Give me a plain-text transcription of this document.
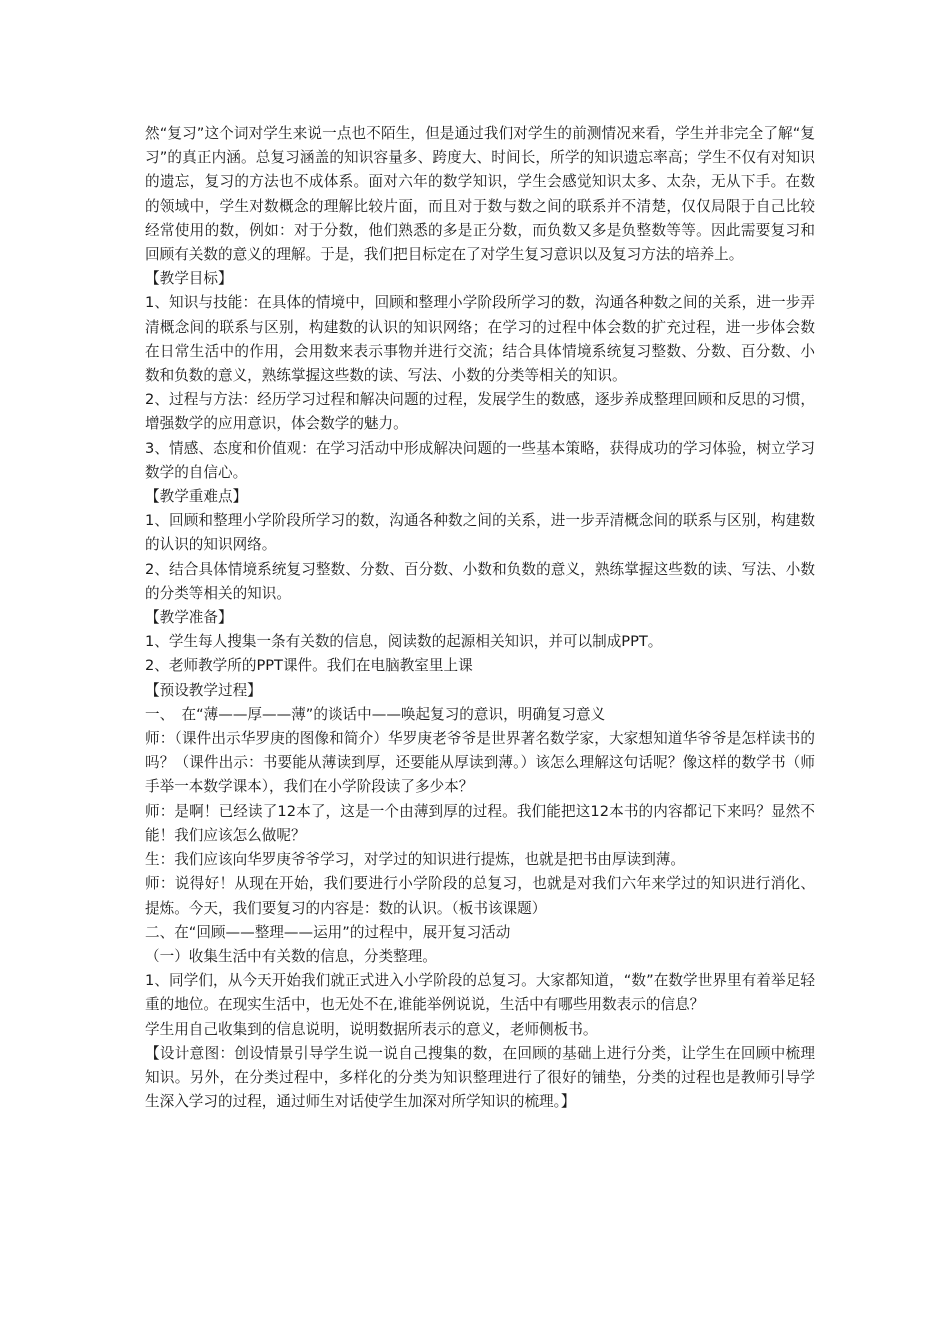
然“复习”这个词对学生来说一点也不陌生，但是通过我们对学生的前测情况来看，学生并非完全了解“复习”的真正内涵。总复习涵盖的知识容量多、跨度大、时间长，所学的知识遗忘率高；学生不仅有对知识的遗忘，复习的方法也不成体系。面对六年的数学知识，学生会感觉知识太多、太杂，无从下手。在数的领域中，学生对数概念的理解比较片面，而且对于数与数之间的联系并不清楚，仅仅局限于自己比较经常使用的数，例如：对于分数，他们熟悉的多是正分数，而负数又多是负整数等等。因此需要复习和回顾有关数的意义的理解。于是，我们把目标定在了对学生复习意识以及复习方法的培养上。

【教学目标】

1、知识与技能：在具体的情境中，回顾和整理小学阶段所学习的数，沟通各种数之间的关系，进一步弄清概念间的联系与区别，构建数的认识的知识网络；在学习的过程中体会数的扩充过程，进一步体会数在日常生活中的作用，会用数来表示事物并进行交流；结合具体情境系统复习整数、分数、百分数、小数和负数的意义，熟练掌握这些数的读、写法、小数的分类等相关的知识。

2、过程与方法：经历学习过程和解决问题的过程，发展学生的数感，逐步养成整理回顾和反思的习惯，增强数学的应用意识，体会数学的魅力。

3、情感、态度和价值观：在学习活动中形成解决问题的一些基本策略，获得成功的学习体验，树立学习数学的自信心。

【教学重难点】

1、回顾和整理小学阶段所学习的数，沟通各种数之间的关系，进一步弄清概念间的联系与区别，构建数的认识的知识网络。

2、结合具体情境系统复习整数、分数、百分数、小数和负数的意义，熟练掌握这些数的读、写法、小数的分类等相关的知识。

【教学准备】

1、学生每人搜集一条有关数的信息，阅读数的起源相关知识，并可以制成PPT。

2、老师教学所的PPT课件。我们在电脑教室里上课

【预设教学过程】

一、　在“薄——厚——薄”的谈话中——唤起复习的意识，明确复习意义

师：（课件出示华罗庚的图像和简介）华罗庚老爷爷是世界著名数学家，大家想知道华爷爷是怎样读书的吗？（课件出示：书要能从薄读到厚，还要能从厚读到薄。）该怎么理解这句话呢？像这样的数学书（师手举一本数学课本），我们在小学阶段读了多少本？

师：是啊！已经读了12本了，这是一个由薄到厚的过程。我们能把这12本书的内容都记下来吗？显然不能！我们应该怎么做呢？

生：我们应该向华罗庚爷爷学习，对学过的知识进行提炼，也就是把书由厚读到薄。

师：说得好！从现在开始，我们要进行小学阶段的总复习，也就是对我们六年来学过的知识进行消化、提炼。今天，我们要复习的内容是：数的认识。（板书该课题）

二、在“回顾——整理——运用”的过程中，展开复习活动

（一）收集生活中有关数的信息，分类整理。

1、同学们，从今天开始我们就正式进入小学阶段的总复习。大家都知道，“数”在数学世界里有着举足轻重的地位。在现实生活中，也无处不在,谁能举例说说，生活中有哪些用数表示的信息？

学生用自己收集到的信息说明，说明数据所表示的意义，老师侧板书。

【设计意图：创设情景引导学生说一说自己搜集的数，在回顾的基础上进行分类，让学生在回顾中梳理知识。另外，在分类过程中，多样化的分类为知识整理进行了很好的铺垫，分类的过程也是教师引导学生深入学习的过程，通过师生对话使学生加深对所学知识的梳理。】
